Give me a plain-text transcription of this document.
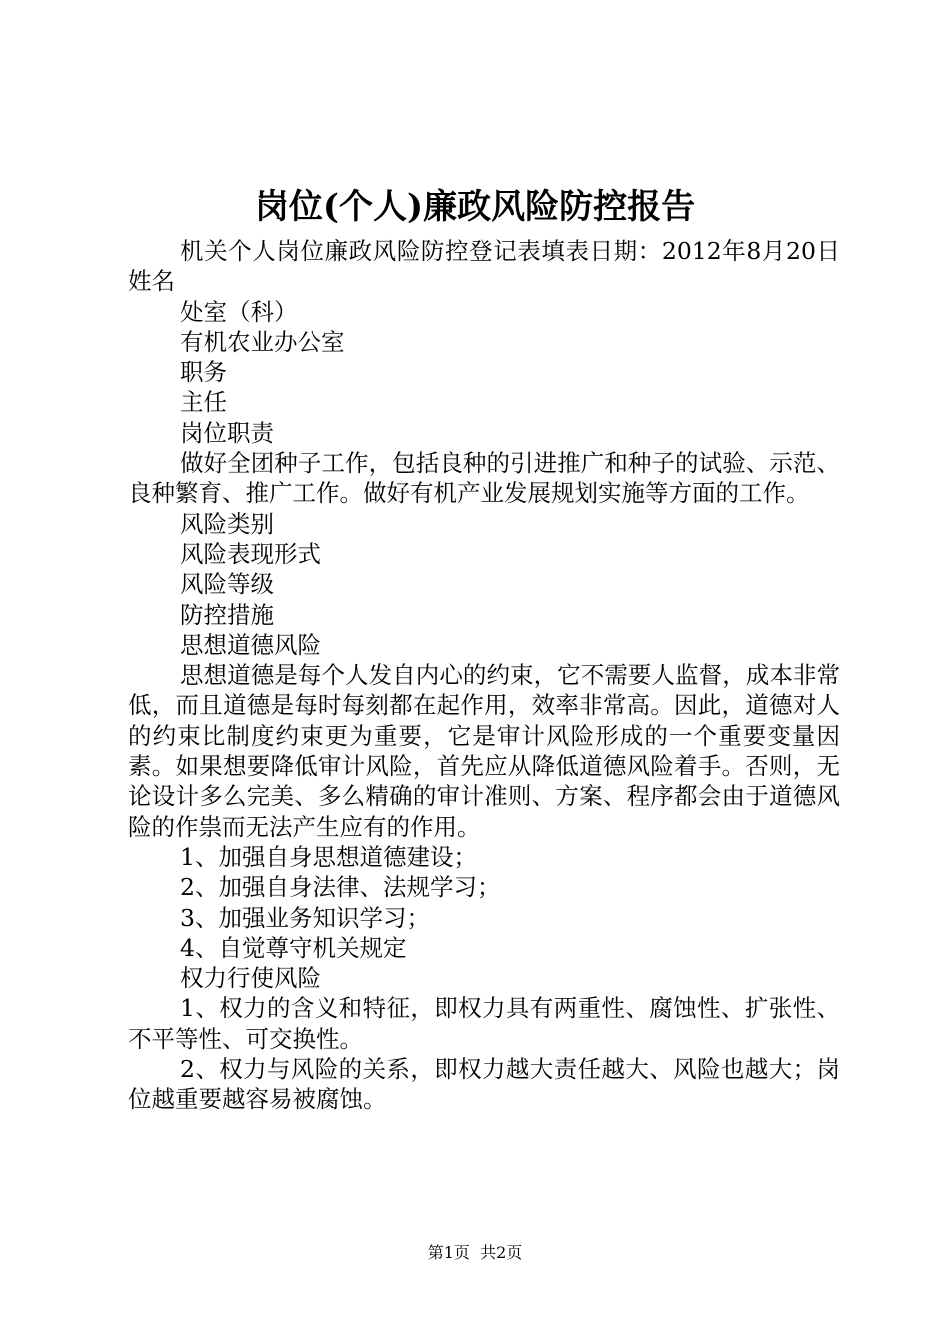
岗位(个人)廉政风险防控报告

机关个人岗位廉政风险防控登记表填表日期：2012年8月20日姓名

处室（科）

有机农业办公室

职务

主任

岗位职责

做好全团种子工作，包括良种的引进推广和种子的试验、示范、良种繁育、推广工作。做好有机产业发展规划实施等方面的工作。

风险类别

风险表现形式

风险等级

防控措施

思想道德风险

思想道德是每个人发自内心的约束，它不需要人监督，成本非常低，而且道德是每时每刻都在起作用，效率非常高。因此，道德对人的约束比制度约束更为重要，它是审计风险形成的一个重要变量因素。如果想要降低审计风险，首先应从降低道德风险着手。否则，无论设计多么完美、多么精确的审计准则、方案、程序都会由于道德风险的作祟而无法产生应有的作用。

1、加强自身思想道德建设；

2、加强自身法律、法规学习；

3、加强业务知识学习；

4、自觉尊守机关规定

权力行使风险

1、权力的含义和特征，即权力具有两重性、腐蚀性、扩张性、不平等性、可交换性。

2、权力与风险的关系，即权力越大责任越大、风险也越大；岗位越重要越容易被腐蚀。

第1页  共2页
